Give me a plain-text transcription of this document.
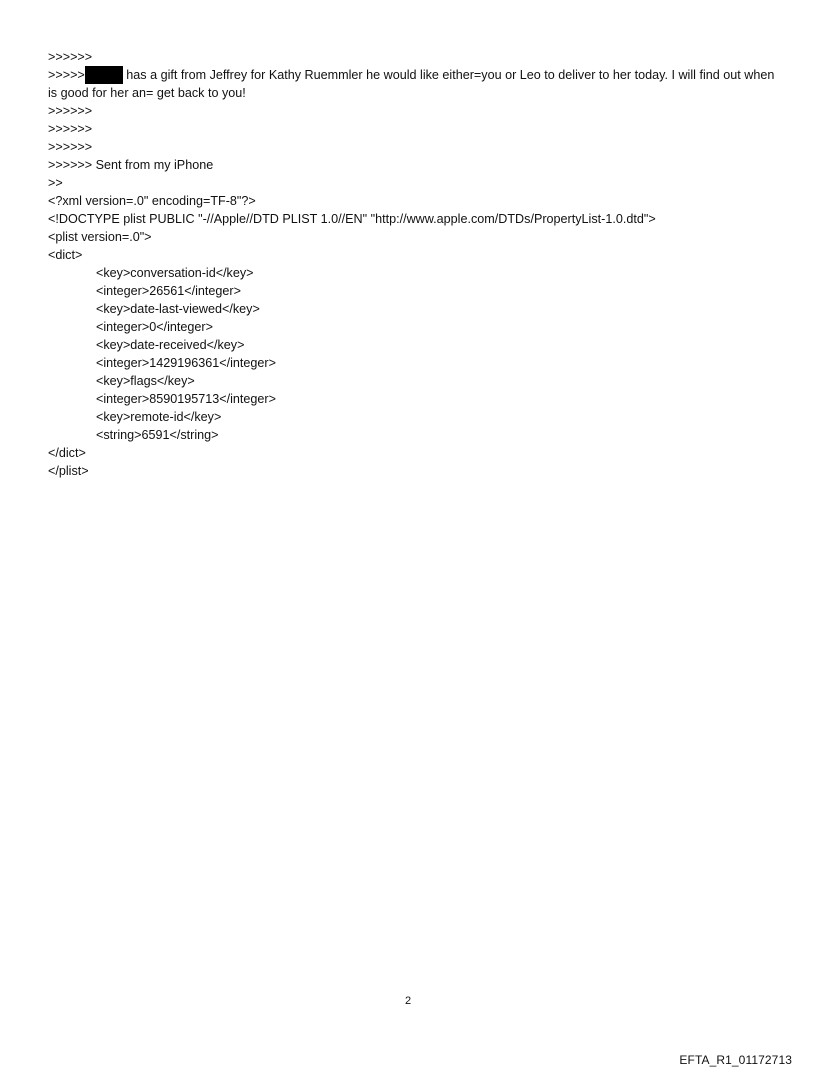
>>>>>>
>>>>>	has a gift from Jeffrey for Kathy Ruemmler he would like either=you or Leo to deliver to her today. I will find out when is good for her an= get back to you!
>>>>>>
>>>>>>
>>>>>>
>>>>>> Sent from my iPhone
>>
<?xml version=.0" encoding=TF-8"?>
<!DOCTYPE plist PUBLIC "-//Apple//DTD PLIST 1.0//EN" "http://www.apple.com/DTDs/PropertyList-1.0.dtd">
<plist version=.0">
<dict>
<key>conversation-id</key>
<integer>26561</integer>
<key>date-last-viewed</key>
<integer>0</integer>
<key>date-received</key>
<integer>1429196361</integer>
<key>flags</key>
<integer>8590195713</integer>
<key>remote-id</key>
<string>6591</string>
</dict>
</plist>
2
EFTA_R1_01172713
